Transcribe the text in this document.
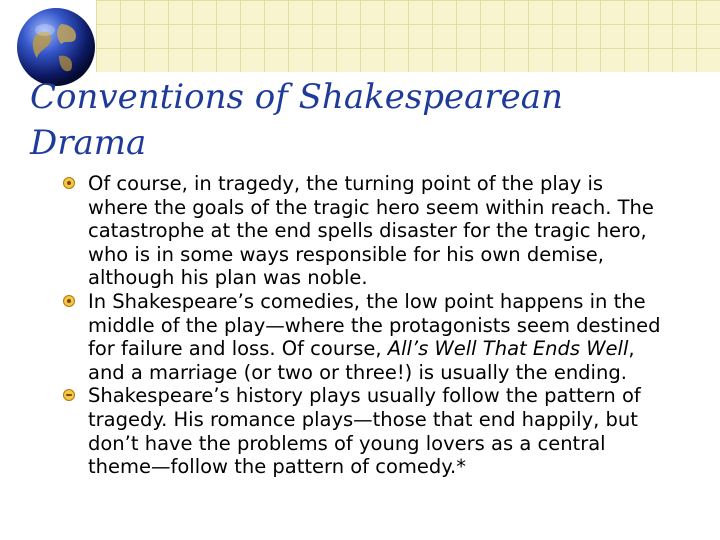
Conventions of Shakespearean Drama
Of course, in tragedy, the turning point of the play is where the goals of the tragic hero seem within reach. The catastrophe at the end spells disaster for the tragic hero, who is in some ways responsible for his own demise, although his plan was noble.
In Shakespeare’s comedies, the low point happens in the middle of the play—where the protagonists seem destined for failure and loss. Of course, All’s Well That Ends Well, and a marriage (or two or three!) is usually the ending.
Shakespeare’s history plays usually follow the pattern of tragedy. His romance plays—those that end happily, but don’t have the problems of young lovers as a central theme—follow the pattern of comedy.*
